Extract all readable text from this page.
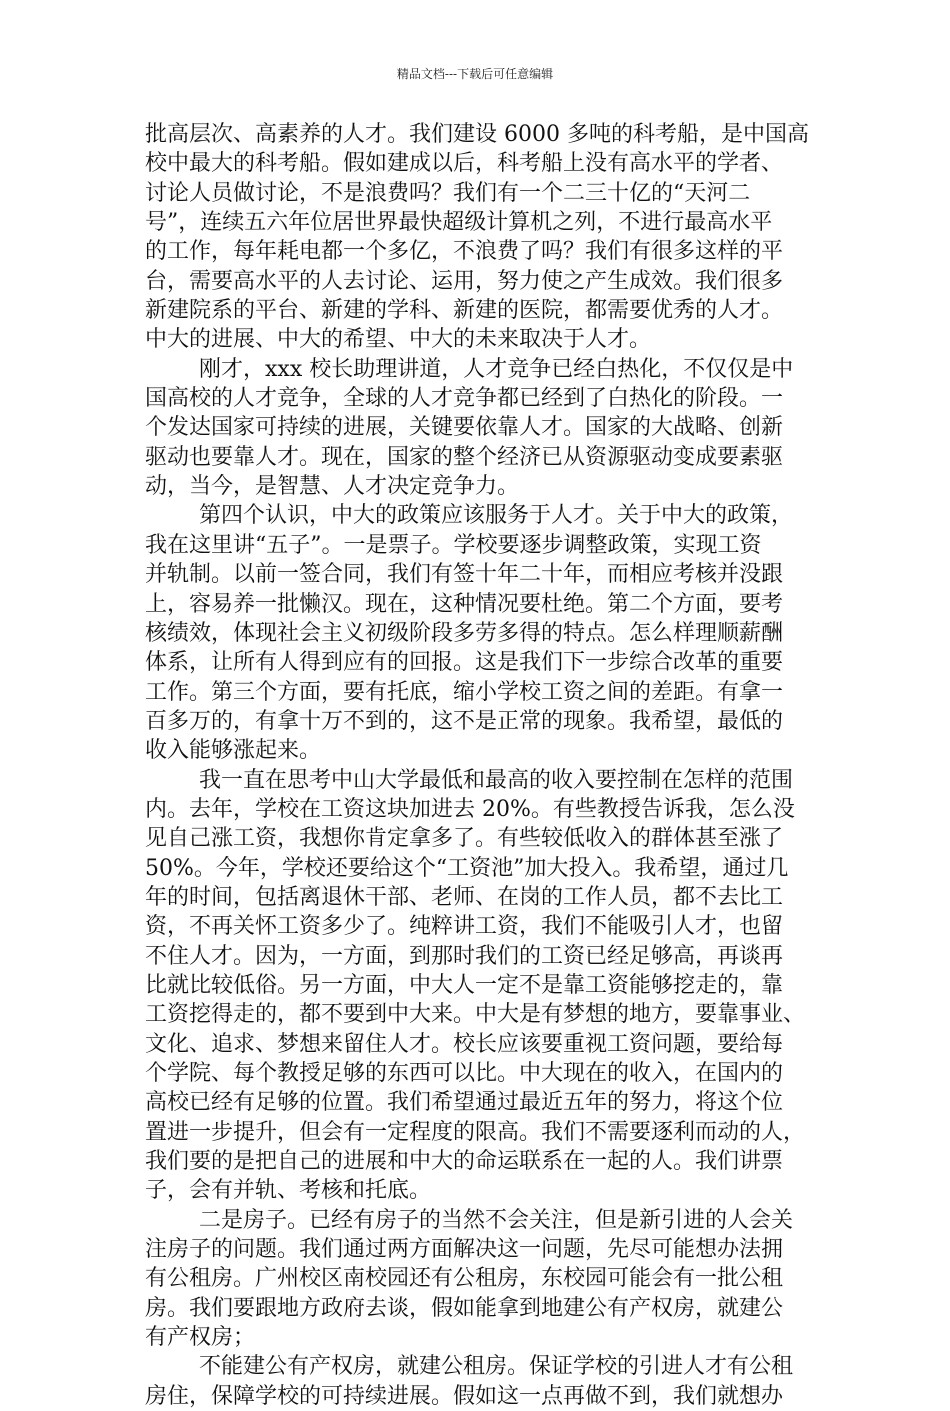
精品文档---下载后可任意编辑
批高层次、高素养的人才。我们建设 6000 多吨的科考船，是中国高
校中最大的科考船。假如建成以后，科考船上没有高水平的学者、
讨论人员做讨论，不是浪费吗？我们有一个二三十亿的“天河二
号”，连续五六年位居世界最快超级计算机之列，不进行最高水平
的工作，每年耗电都一个多亿，不浪费了吗？我们有很多这样的平
台，需要高水平的人去讨论、运用，努力使之产生成效。我们很多
新建院系的平台、新建的学科、新建的医院，都需要优秀的人才。
中大的进展、中大的希望、中大的未来取决于人才。
刚才，xxx 校长助理讲道，人才竞争已经白热化，不仅仅是中
国高校的人才竞争，全球的人才竞争都已经到了白热化的阶段。一
个发达国家可持续的进展，关键要依靠人才。国家的大战略、创新
驱动也要靠人才。现在，国家的整个经济已从资源驱动变成要素驱
动，当今，是智慧、人才决定竞争力。
第四个认识，中大的政策应该服务于人才。关于中大的政策，
我在这里讲“五子”。一是票子。学校要逐步调整政策，实现工资
并轨制。以前一签合同，我们有签十年二十年，而相应考核并没跟
上，容易养一批懒汉。现在，这种情况要杜绝。第二个方面，要考
核绩效，体现社会主义初级阶段多劳多得的特点。怎么样理顺薪酬
体系，让所有人得到应有的回报。这是我们下一步综合改革的重要
工作。第三个方面，要有托底，缩小学校工资之间的差距。有拿一
百多万的，有拿十万不到的，这不是正常的现象。我希望，最低的
收入能够涨起来。
我一直在思考中山大学最低和最高的收入要控制在怎样的范围
内。去年，学校在工资这块加进去 20%。有些教授告诉我，怎么没
见自己涨工资，我想你肯定拿多了。有些较低收入的群体甚至涨了
50%。今年，学校还要给这个“工资池”加大投入。我希望，通过几
年的时间，包括离退休干部、老师、在岗的工作人员，都不去比工
资，不再关怀工资多少了。纯粹讲工资，我们不能吸引人才，也留
不住人才。因为，一方面，到那时我们的工资已经足够高，再谈再
比就比较低俗。另一方面，中大人一定不是靠工资能够挖走的，靠
工资挖得走的，都不要到中大来。中大是有梦想的地方，要靠事业、
文化、追求、梦想来留住人才。校长应该要重视工资问题，要给每
个学院、每个教授足够的东西可以比。中大现在的收入，在国内的
高校已经有足够的位置。我们希望通过最近五年的努力，将这个位
置进一步提升，但会有一定程度的限高。我们不需要逐利而动的人，
我们要的是把自己的进展和中大的命运联系在一起的人。我们讲票
子，会有并轨、考核和托底。
二是房子。已经有房子的当然不会关注，但是新引进的人会关
注房子的问题。我们通过两方面解决这一问题，先尽可能想办法拥
有公租房。广州校区南校园还有公租房，东校园可能会有一批公租
房。我们要跟地方政府去谈，假如能拿到地建公有产权房，就建公
有产权房；
不能建公有产权房，就建公租房。保证学校的引进人才有公租
房住，保障学校的可持续进展。假如这一点再做不到，我们就想办
